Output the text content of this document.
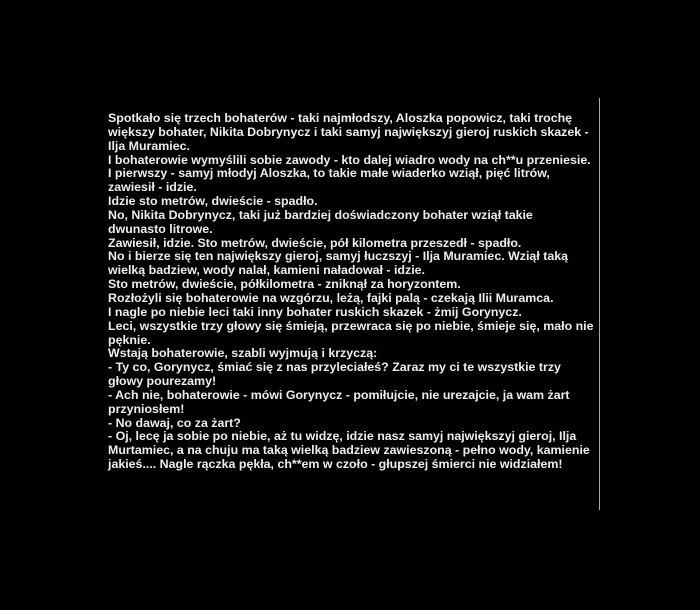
Spotkało się trzech bohaterów - taki najmłodszy, Aloszka popowicz, taki trochę
większy bohater, Nikita Dobrynycz i taki samyj największyj gieroj ruskich skazek -
Ilja Muramiec.
I bohaterowie wymyślili sobie zawody - kto dalej wiadro wody na ch**u przeniesie.
I pierwszy - samyj młodyj Aloszka, to takie małe wiaderko wziął, pięć litrów,
zawiesił - idzie.
Idzie sto metrów, dwieście - spadło.
No, Nikita Dobrynycz, taki już bardziej doświadczony bohater wziął takie
dwunasto litrowe.
Zawiesił, idzie. Sto metrów, dwieście, pół kilometra przeszedł - spadło.
No i bierze się ten największy gieroj, samyj łuczszyj - Ilja Muramiec. Wziął taką
wielką badziew, wody nalał, kamieni naładował - idzie.
Sto metrów, dwieście, półkilometra - zniknął za horyzontem.
Rozłożyli się bohaterowie na wzgórzu, leżą, fajki palą - czekają Ilii Muramca.
I nagle po niebie leci taki inny bohater ruskich skazek - żmij Gorynycz.
Leci, wszystkie trzy głowy się śmieją, przewraca się po niebie, śmieje się, mało nie
pęknie.
Wstają bohaterowie, szabli wyjmują i krzyczą:
- Ty co, Gorynycz, śmiać się z nas przyleciałeś? Zaraz my ci te wszystkie trzy
głowy pourezamy!
- Ach nie, bohaterowie - mówi Gorynycz - pomiłujcie, nie urezajcie, ja wam żart
przyniosłem!
- No dawaj, co za żart?
- Oj, lecę ja sobie po niebie, aż tu widzę, idzie nasz samyj największyj gieroj, Ilja
Murtamiec, a na chuju ma taką wielką badziew zawieszoną - pełno wody, kamienie
jakieś.... Nagle rączka pękła, ch**em w czoło - głupszej śmierci nie widziałem!
